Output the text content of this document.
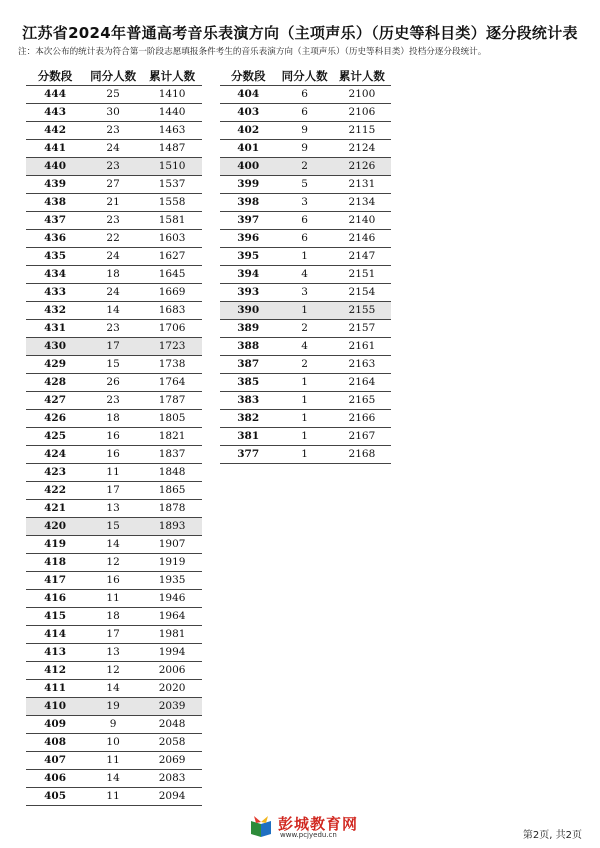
江苏省2024年普通高考音乐表演方向（主项声乐）（历史等科目类）逐分段统计表
注：本次公布的统计表为符合第一阶段志愿填报条件考生的音乐表演方向（主项声乐）（历史等科目类）投档分逐分段统计。
分数段	同分人数	累计人数
444	25	1410
443	30	1440
442	23	1463
441	24	1487
440	23	1510
439	27	1537
438	21	1558
437	23	1581
436	22	1603
435	24	1627
434	18	1645
433	24	1669
432	14	1683
431	23	1706
430	17	1723
429	15	1738
428	26	1764
427	23	1787
426	18	1805
425	16	1821
424	16	1837
423	11	1848
422	17	1865
421	13	1878
420	15	1893
419	14	1907
418	12	1919
417	16	1935
416	11	1946
415	18	1964
414	17	1981
413	13	1994
412	12	2006
411	14	2020
410	19	2039
409	9	2048
408	10	2058
407	11	2069
406	14	2083
405	11	2094
分数段	同分人数	累计人数
404	6	2100
403	6	2106
402	9	2115
401	9	2124
400	2	2126
399	5	2131
398	3	2134
397	6	2140
396	6	2146
395	1	2147
394	4	2151
393	3	2154
390	1	2155
389	2	2157
388	4	2161
387	2	2163
385	1	2164
383	1	2165
382	1	2166
381	1	2167
377	1	2168
彭城教育网
www.pcjyedu.cn	第2页, 共2页
